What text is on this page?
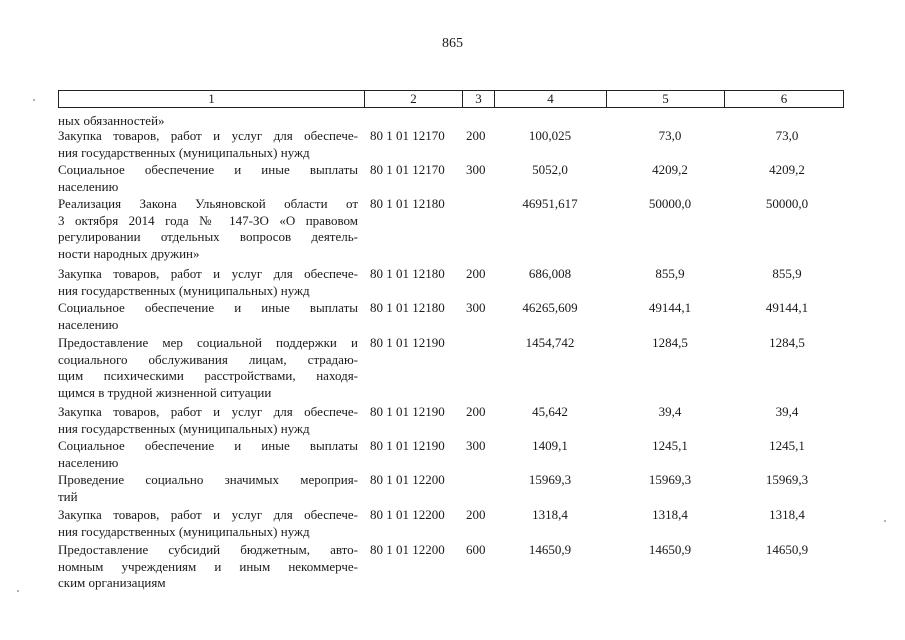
865
1	2	3	4	5	6
ных обязанностей»
Закупка товаров, работ и услуг для обеспече-
ния государственных (муниципальных) нужд
80 1 01 12170 200	100,025	73,0	73,0
Социальное обеспечение и иные выплаты
населению
80 1 01 12170 300	5052,0	4209,2	4209,2
Реализация Закона Ульяновской области от
3 октября 2014 года № 147-ЗО «О правовом
регулировании отдельных вопросов деятель-
ности народных дружин»
80 1 01 12180	46951,617	50000,0	50000,0
Закупка товаров, работ и услуг для обеспече-
ния государственных (муниципальных) нужд
80 1 01 12180 200	686,008	855,9	855,9
Социальное обеспечение и иные выплаты
населению
80 1 01 12180 300	46265,609	49144,1	49144,1
Предоставление мер социальной поддержки и
социального обслуживания лицам, страдаю-
щим психическими расстройствами, находя-
щимся в трудной жизненной ситуации
80 1 01 12190	1454,742	1284,5	1284,5
Закупка товаров, работ и услуг для обеспече-
ния государственных (муниципальных) нужд
80 1 01 12190 200	45,642	39,4	39,4
Социальное обеспечение и иные выплаты
населению
80 1 01 12190 300	1409,1	1245,1	1245,1
Проведение социально значимых мероприя-
тий
80 1 01 12200	15969,3	15969,3	15969,3
Закупка товаров, работ и услуг для обеспече-
ния государственных (муниципальных) нужд
80 1 01 12200 200	1318,4	1318,4	1318,4
Предоставление субсидий бюджетным, авто-
номным учреждениям и иным некоммерче-
ским организациям
80 1 01 12200 600	14650,9	14650,9	14650,9
